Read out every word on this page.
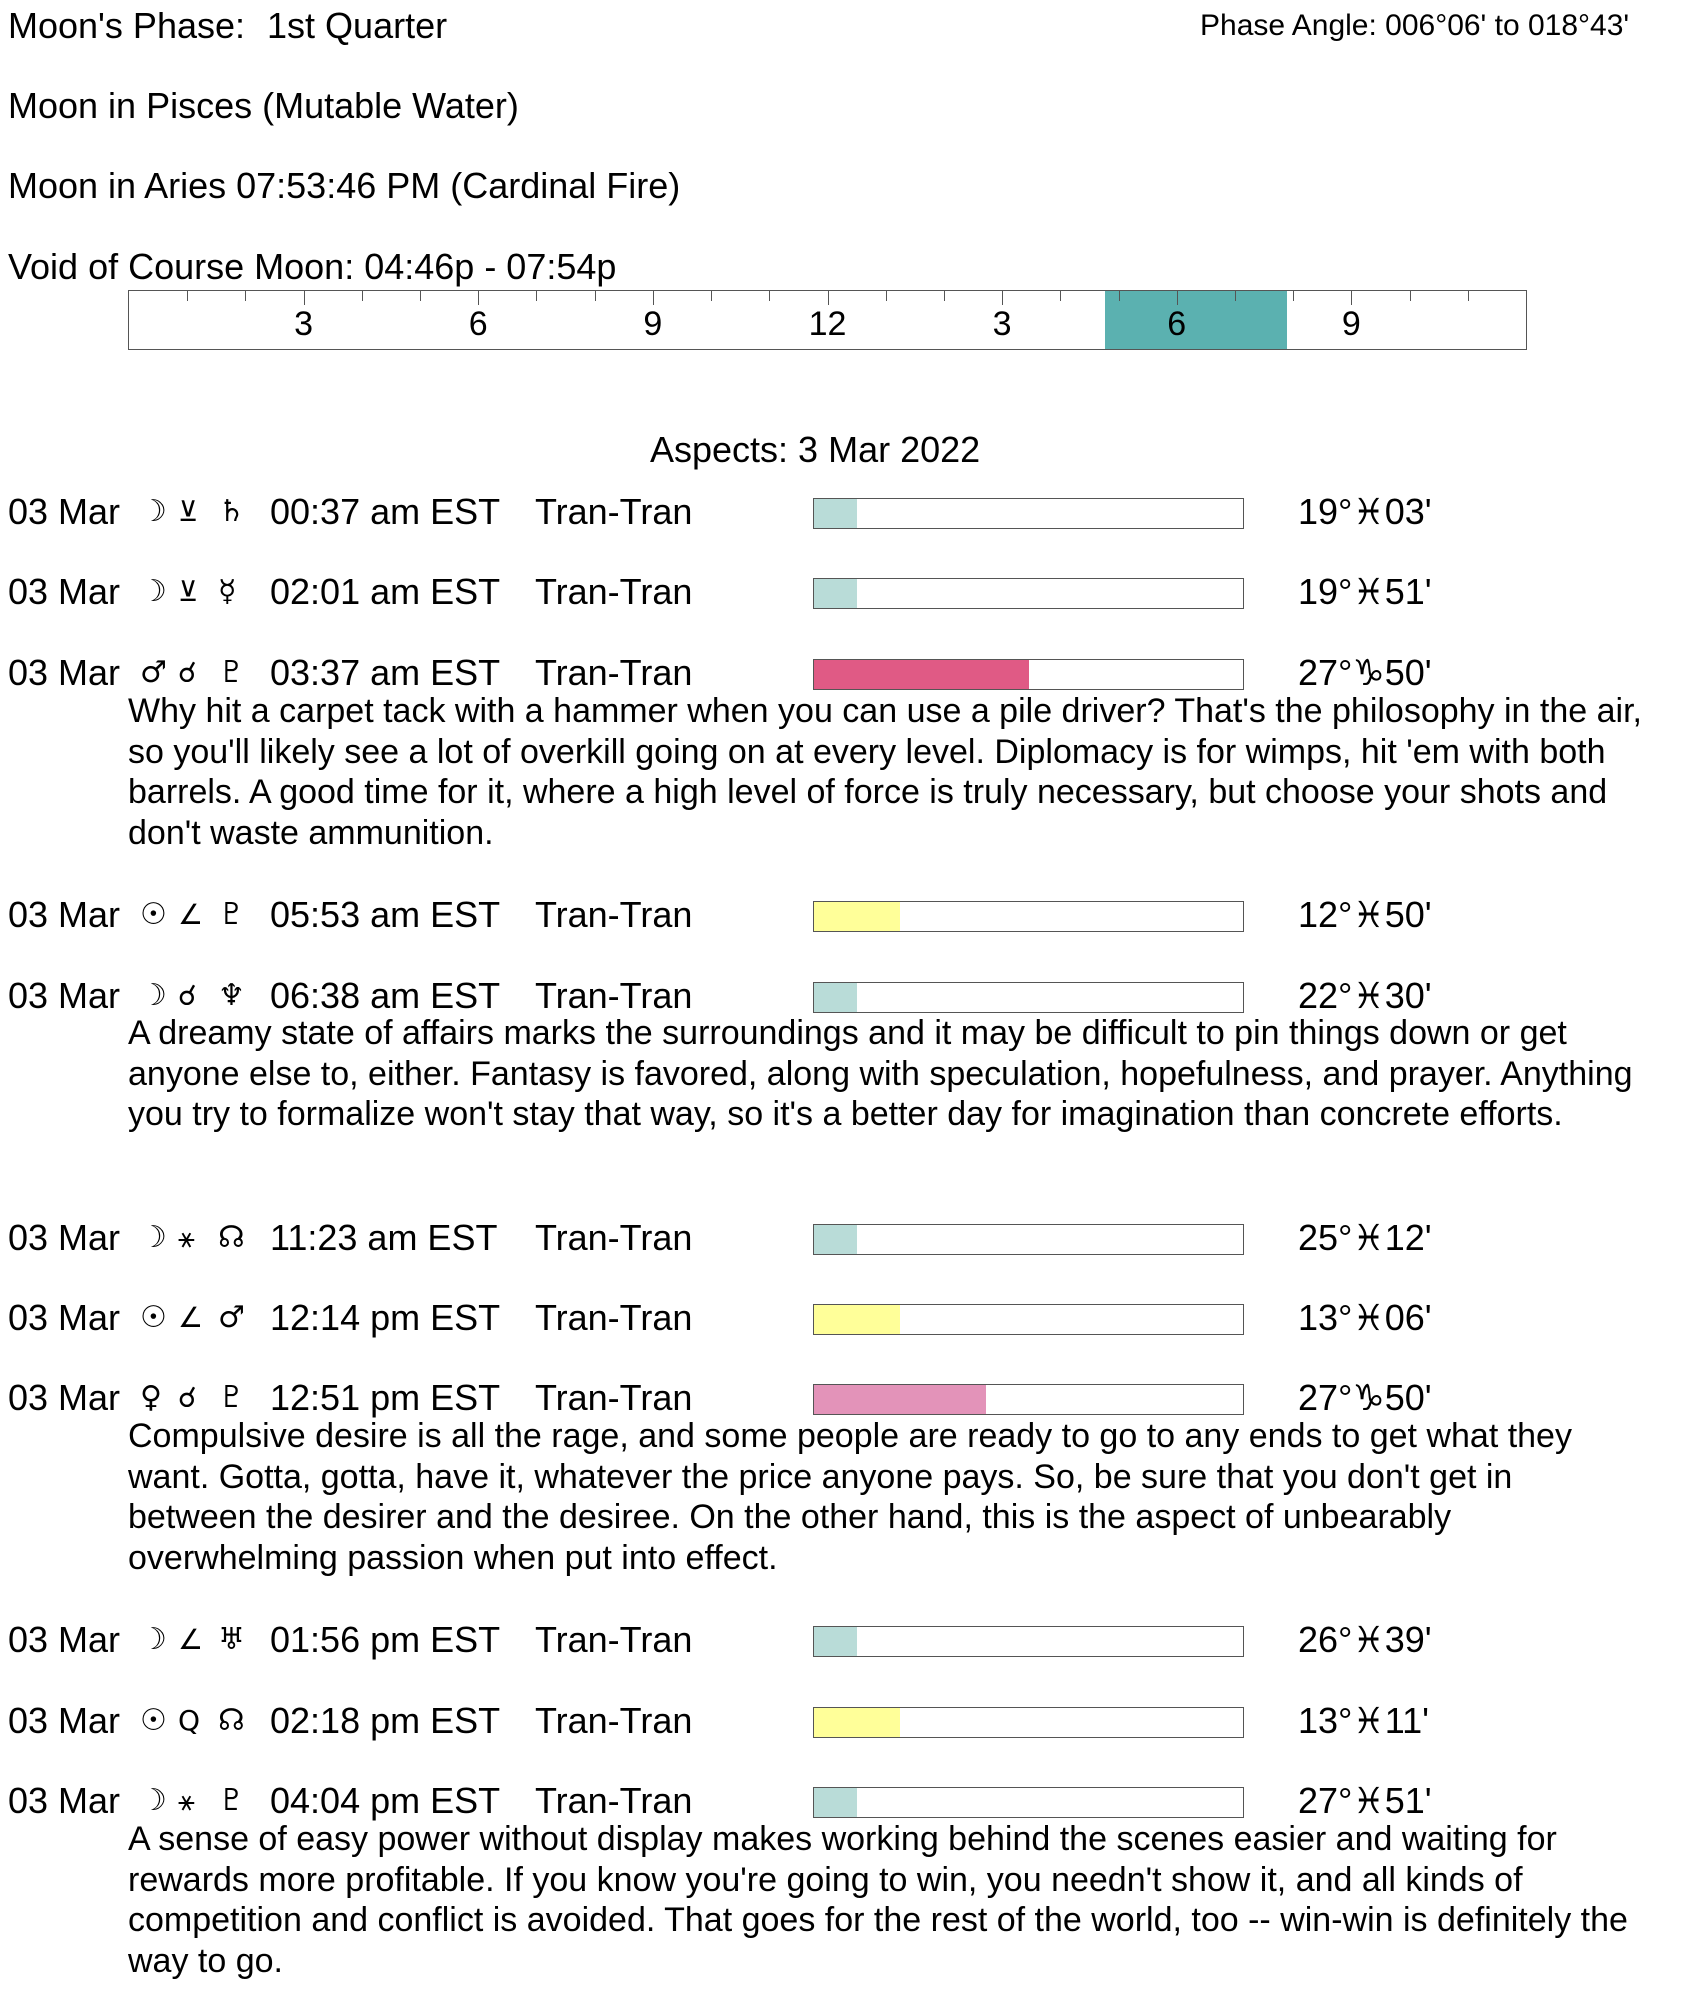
Moon's Phase: 1st Quarter	Phase Angle: 006°06' to 018°43'
Moon in Pisces (Mutable Water)
Moon in Aries 07:53:46 PM (Cardinal Fire)
Void of Course Moon: 04:46p - 07:54p
3	6	9	12	3	6	9
Aspects: 3 Mar 2022
03 Mar ☽ ⊻ ♄ 00:37 am EST Tran-Tran	19°♓03'
03 Mar ☽ ⊻ ☿ 02:01 am EST Tran-Tran	19°♓51'
03 Mar ♂ ☌ ♇ 03:37 am EST Tran-Tran	27°♑50'
Why hit a carpet tack with a hammer when you can use a pile driver? That's the philosophy in the air, so you'll likely see a lot of overkill going on at every level. Diplomacy is for wimps, hit 'em with both barrels. A good time for it, where a high level of force is truly necessary, but choose your shots and don't waste ammunition.
03 Mar ☉ ∠ ♇ 05:53 am EST Tran-Tran	12°♓50'
03 Mar ☽ ☌ ♆ 06:38 am EST Tran-Tran	22°♓30'
A dreamy state of affairs marks the surroundings and it may be difficult to pin things down or get anyone else to, either. Fantasy is favored, along with speculation, hopefulness, and prayer. Anything you try to formalize won't stay that way, so it's a better day for imagination than concrete efforts.
03 Mar ☽ ⚹ ☊ 11:23 am EST Tran-Tran	25°♓12'
03 Mar ☉ ∠ ♂ 12:14 pm EST Tran-Tran	13°♓06'
03 Mar ♀ ☌ ♇ 12:51 pm EST Tran-Tran	27°♑50'
Compulsive desire is all the rage, and some people are ready to go to any ends to get what they want. Gotta, gotta, have it, whatever the price anyone pays. So, be sure that you don't get in between the desirer and the desiree. On the other hand, this is the aspect of unbearably overwhelming passion when put into effect.
03 Mar ☽ ∠ ♅ 01:56 pm EST Tran-Tran	26°♓39'
03 Mar ☉ Q ☊ 02:18 pm EST Tran-Tran	13°♓11'
03 Mar ☽ ⚹ ♇ 04:04 pm EST Tran-Tran	27°♓51'
A sense of easy power without display makes working behind the scenes easier and waiting for rewards more profitable. If you know you're going to win, you needn't show it, and all kinds of competition and conflict is avoided. That goes for the rest of the world, too -- win-win is definitely the way to go.
